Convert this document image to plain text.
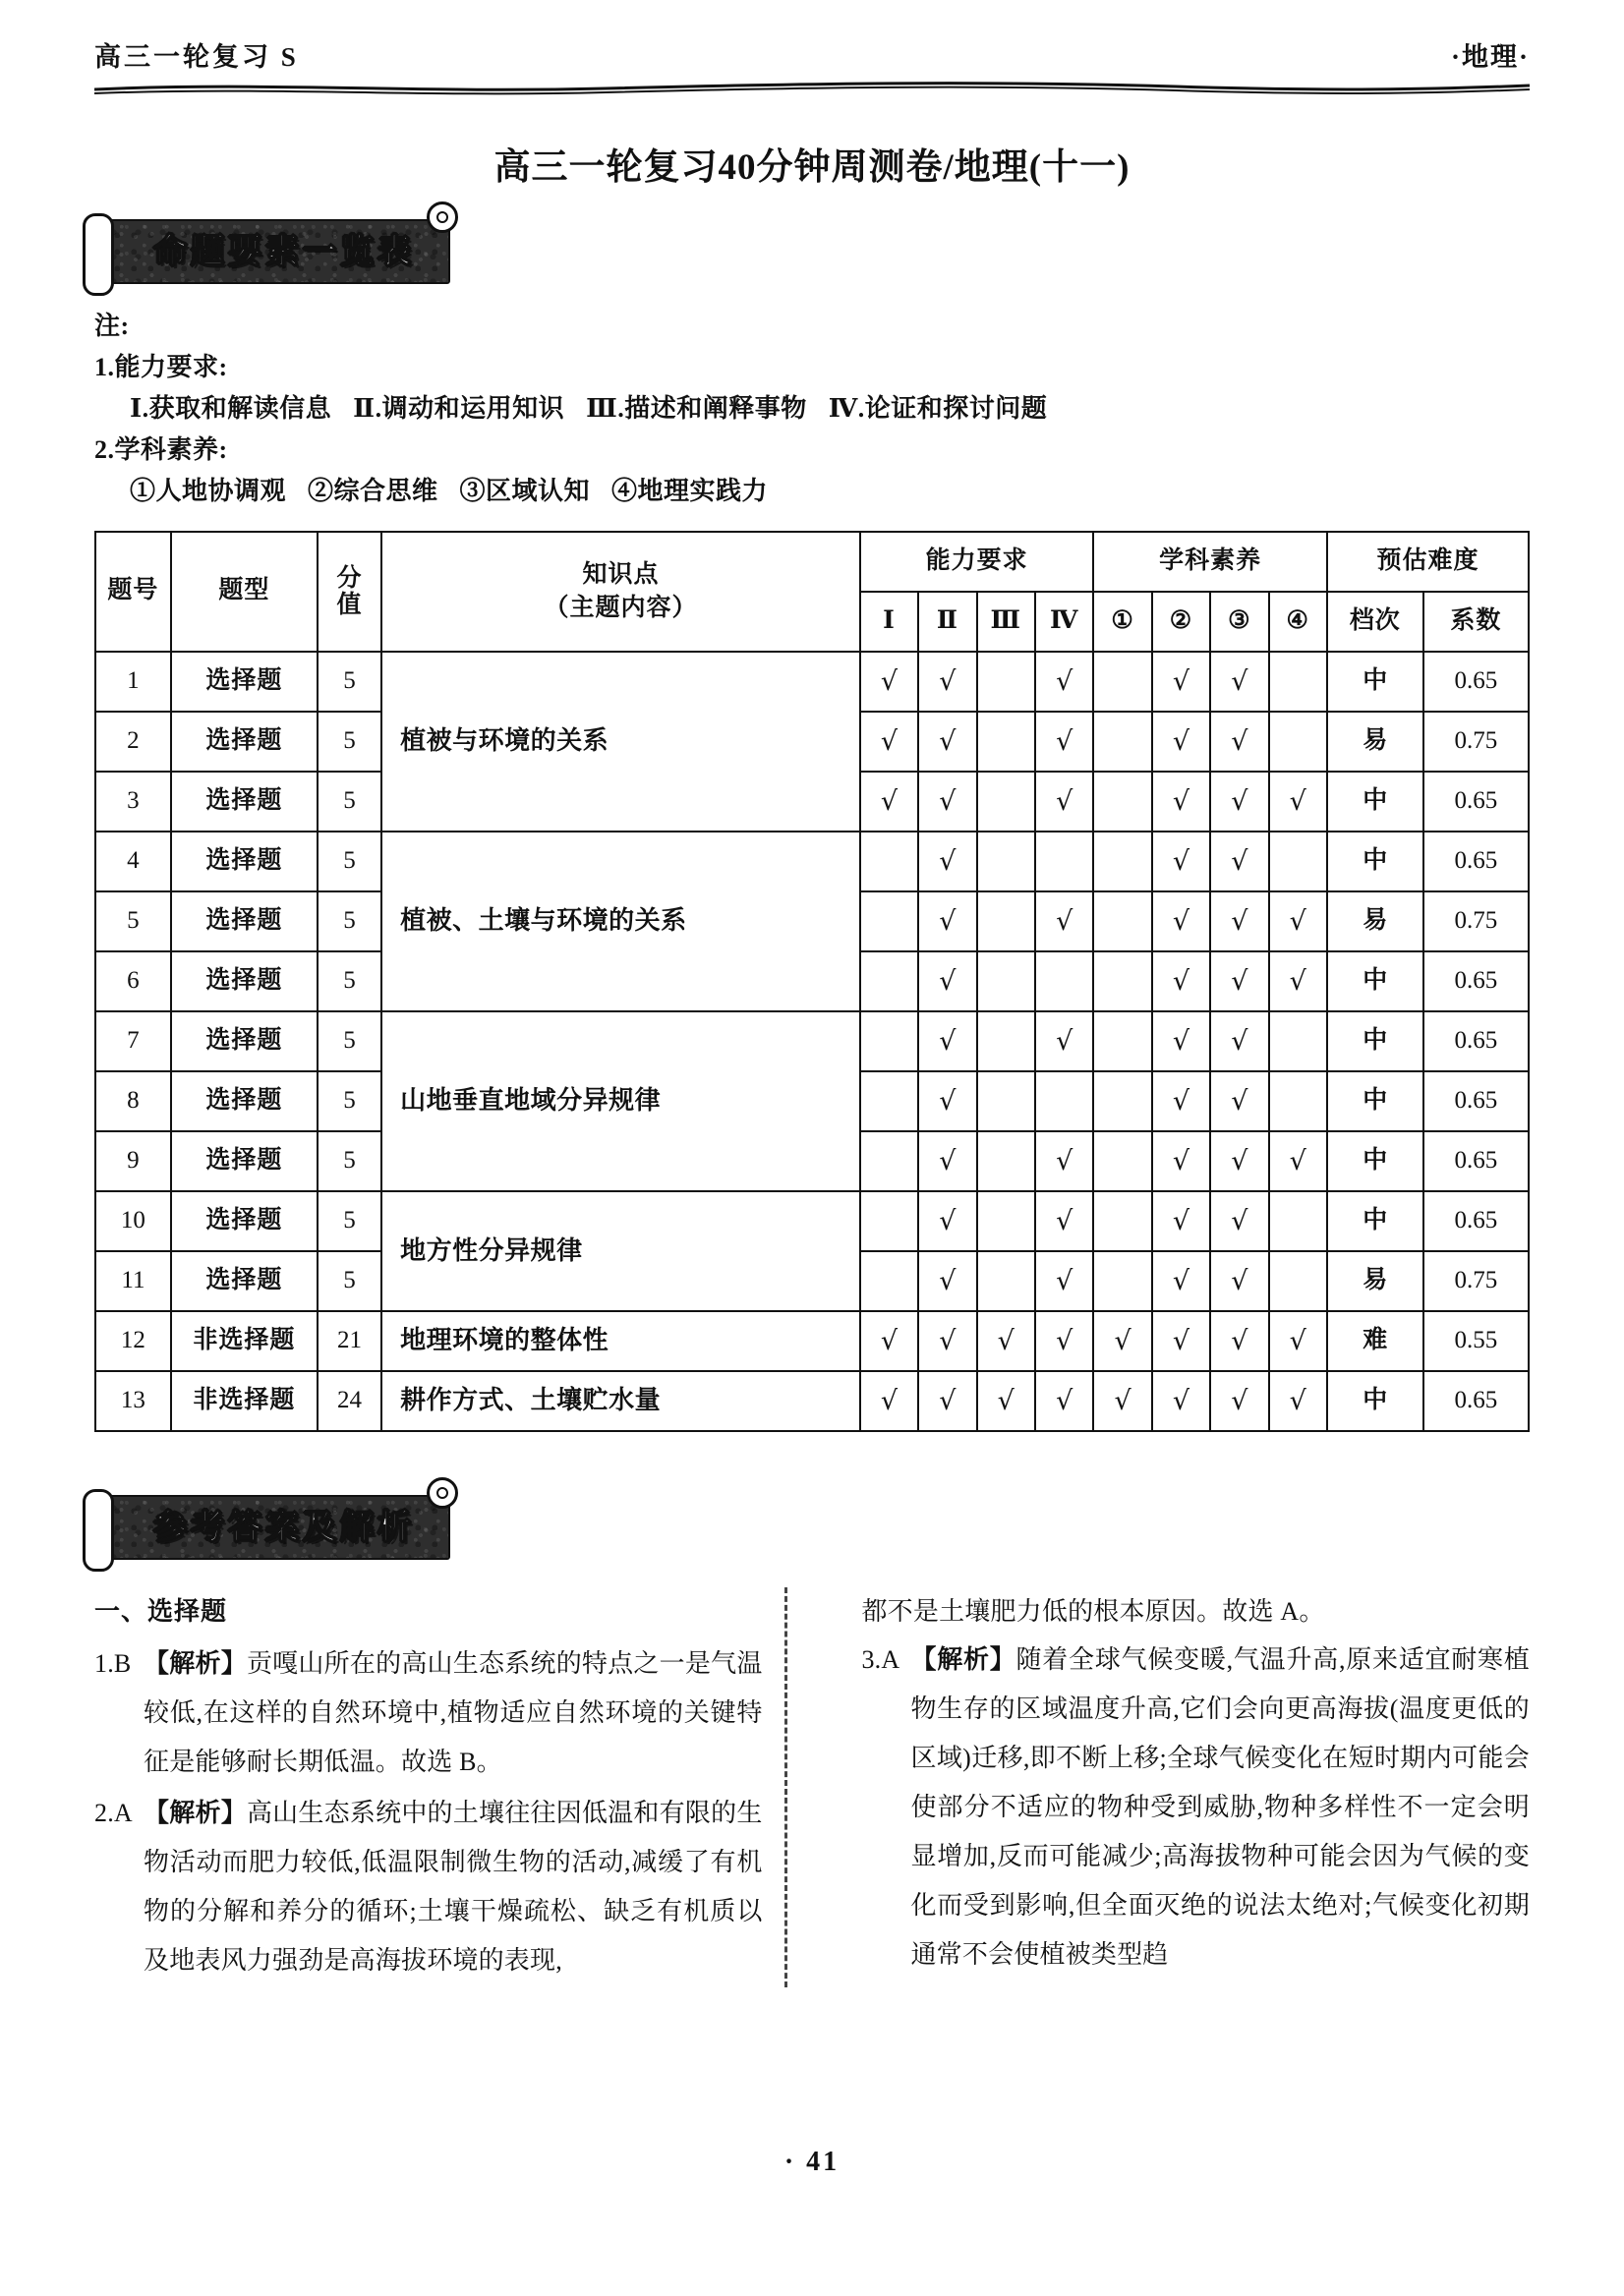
高三一轮复习 S	·地理·
高三一轮复习40分钟周测卷/地理(十一)
命题要素一览表
注:
1.能力要求:
Ⅰ.获取和解读信息 Ⅱ.调动和运用知识 Ⅲ.描述和阐释事物 Ⅳ.论证和探讨问题
2.学科素养:
①人地协调观 ②综合思维 ③区域认知 ④地理实践力
题号	题型	分
值	知识点
（主题内容）	能力要求				学科素养				预估难度	
				Ⅰ	Ⅱ	Ⅲ	Ⅳ	①	②	③	④	档次	系数
1	选择题	5	植被与环境的关系	√	√		√		√	√		中	0.65
2	选择题	5		√	√		√		√	√		易	0.75
3	选择题	5		√	√		√		√	√	√	中	0.65
4	选择题	5	植被、土壤与环境的关系		√				√	√		中	0.65
5	选择题	5			√		√		√	√	√	易	0.75
6	选择题	5			√				√	√	√	中	0.65
7	选择题	5	山地垂直地域分异规律		√		√		√	√		中	0.65
8	选择题	5			√				√	√		中	0.65
9	选择题	5			√		√		√	√	√	中	0.65
10	选择题	5	地方性分异规律		√		√		√	√		中	0.65
11	选择题	5			√		√		√	√		易	0.75
12	非选择题	21	地理环境的整体性	√	√	√	√	√	√	√	√	难	0.55
13	非选择题	24	耕作方式、土壤贮水量	√	√	√	√	√	√	√	√	中	0.65
参考答案及解析
一、选择题
1.B 【解析】贡嘎山所在的高山生态系统的特点之一是气温较低,在这样的自然环境中,植物适应自然环境的关键特征是能够耐长期低温。故选 B。
2.A 【解析】高山生态系统中的土壤往往因低温和有限的生物活动而肥力较低,低温限制微生物的活动,减缓了有机物的分解和养分的循环;土壤干燥疏松、缺乏有机质以及地表风力强劲是高海拔环境的表现,
都不是土壤肥力低的根本原因。故选 A。
3.A 【解析】随着全球气候变暖,气温升高,原来适宜耐寒植物生存的区域温度升高,它们会向更高海拔(温度更低的区域)迁移,即不断上移;全球气候变化在短时期内可能会使部分不适应的物种受到威胁,物种多样性不一定会明显增加,反而可能减少;高海拔物种可能会因为气候的变化而受到影响,但全面灭绝的说法太绝对;气候变化初期通常不会使植被类型趋
· 41
